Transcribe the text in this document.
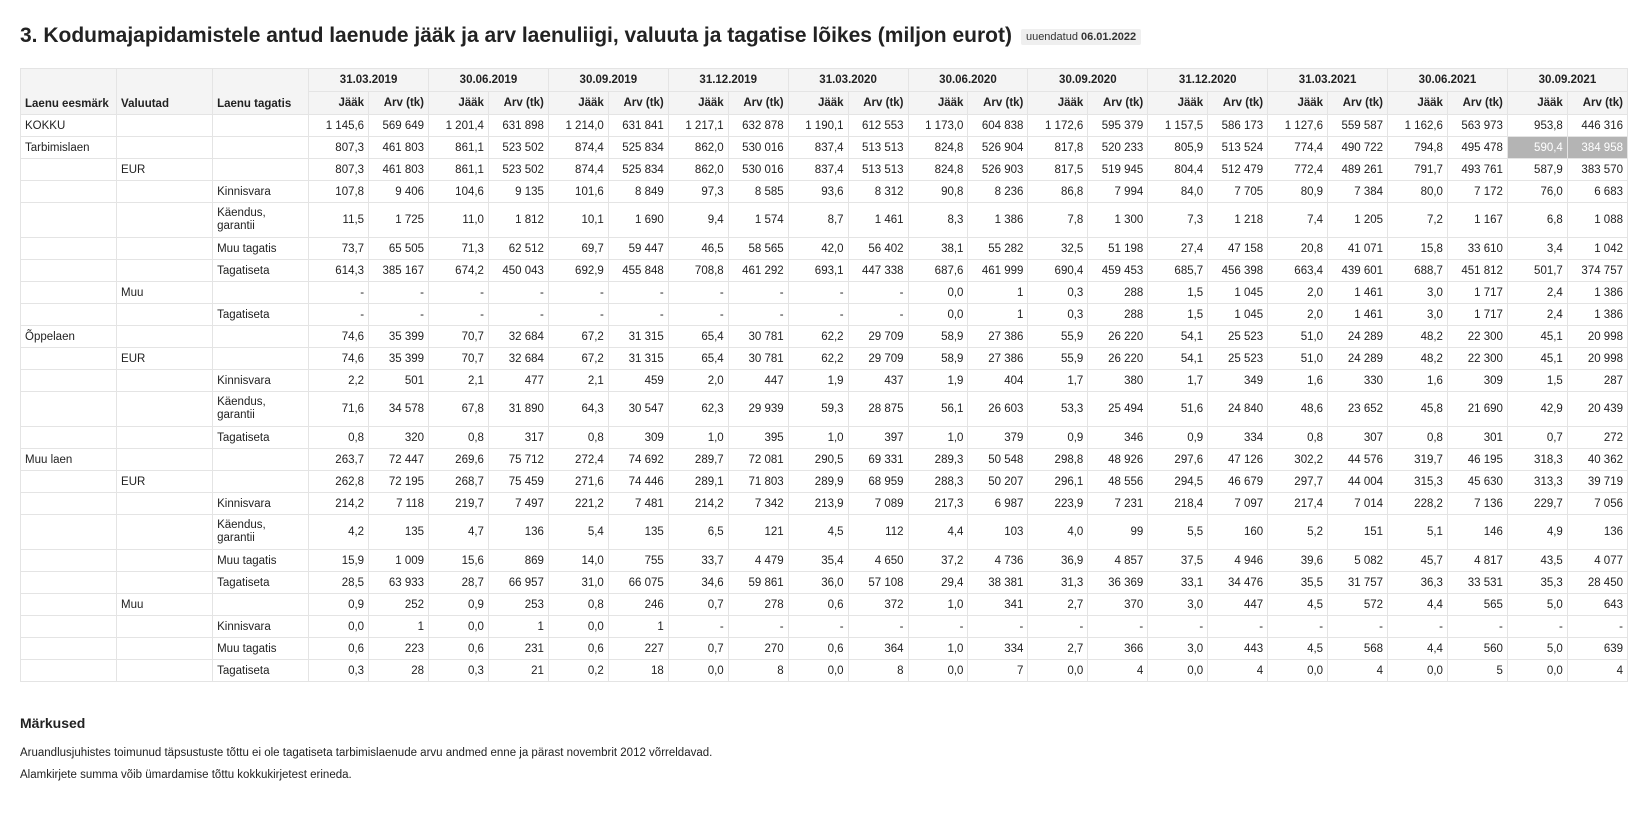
3. Kodumajapidamistele antud laenude jääk ja arv laenuliigi, valuuta ja tagatise lõikes (miljon eurot)	uuendatud 06.01.2022
Laenu eesmärk	Valuutad	Laenu tagatis	31.03.2019		30.06.2019		30.09.2019		31.12.2019		31.03.2020		30.06.2020		30.09.2020		31.12.2020		31.03.2021		30.06.2021		30.09.2021	
			Jääk	Arv (tk)	Jääk	Arv (tk)	Jääk	Arv (tk)	Jääk	Arv (tk)	Jääk	Arv (tk)	Jääk	Arv (tk)	Jääk	Arv (tk)	Jääk	Arv (tk)	Jääk	Arv (tk)	Jääk	Arv (tk)	Jääk	Arv (tk)
KOKKU			1 145,6	569 649	1 201,4	631 898	1 214,0	631 841	1 217,1	632 878	1 190,1	612 553	1 173,0	604 838	1 172,6	595 379	1 157,5	586 173	1 127,6	559 587	1 162,6	563 973	953,8	446 316
Tarbimislaen			807,3	461 803	861,1	523 502	874,4	525 834	862,0	530 016	837,4	513 513	824,8	526 904	817,8	520 233	805,9	513 524	774,4	490 722	794,8	495 478	590,4	384 958
	EUR		807,3	461 803	861,1	523 502	874,4	525 834	862,0	530 016	837,4	513 513	824,8	526 903	817,5	519 945	804,4	512 479	772,4	489 261	791,7	493 761	587,9	383 570
		Kinnisvara	107,8	9 406	104,6	9 135	101,6	8 849	97,3	8 585	93,6	8 312	90,8	8 236	86,8	7 994	84,0	7 705	80,9	7 384	80,0	7 172	76,0	6 683
		Käendus, garantii	11,5	1 725	11,0	1 812	10,1	1 690	9,4	1 574	8,7	1 461	8,3	1 386	7,8	1 300	7,3	1 218	7,4	1 205	7,2	1 167	6,8	1 088
		Muu tagatis	73,7	65 505	71,3	62 512	69,7	59 447	46,5	58 565	42,0	56 402	38,1	55 282	32,5	51 198	27,4	47 158	20,8	41 071	15,8	33 610	3,4	1 042
		Tagatiseta	614,3	385 167	674,2	450 043	692,9	455 848	708,8	461 292	693,1	447 338	687,6	461 999	690,4	459 453	685,7	456 398	663,4	439 601	688,7	451 812	501,7	374 757
	Muu		-	-	-	-	-	-	-	-	-	-	0,0	1	0,3	288	1,5	1 045	2,0	1 461	3,0	1 717	2,4	1 386
		Tagatiseta	-	-	-	-	-	-	-	-	-	-	0,0	1	0,3	288	1,5	1 045	2,0	1 461	3,0	1 717	2,4	1 386
Õppelaen			74,6	35 399	70,7	32 684	67,2	31 315	65,4	30 781	62,2	29 709	58,9	27 386	55,9	26 220	54,1	25 523	51,0	24 289	48,2	22 300	45,1	20 998
	EUR		74,6	35 399	70,7	32 684	67,2	31 315	65,4	30 781	62,2	29 709	58,9	27 386	55,9	26 220	54,1	25 523	51,0	24 289	48,2	22 300	45,1	20 998
		Kinnisvara	2,2	501	2,1	477	2,1	459	2,0	447	1,9	437	1,9	404	1,7	380	1,7	349	1,6	330	1,6	309	1,5	287
		Käendus, garantii	71,6	34 578	67,8	31 890	64,3	30 547	62,3	29 939	59,3	28 875	56,1	26 603	53,3	25 494	51,6	24 840	48,6	23 652	45,8	21 690	42,9	20 439
		Tagatiseta	0,8	320	0,8	317	0,8	309	1,0	395	1,0	397	1,0	379	0,9	346	0,9	334	0,8	307	0,8	301	0,7	272
Muu laen			263,7	72 447	269,6	75 712	272,4	74 692	289,7	72 081	290,5	69 331	289,3	50 548	298,8	48 926	297,6	47 126	302,2	44 576	319,7	46 195	318,3	40 362
	EUR		262,8	72 195	268,7	75 459	271,6	74 446	289,1	71 803	289,9	68 959	288,3	50 207	296,1	48 556	294,5	46 679	297,7	44 004	315,3	45 630	313,3	39 719
		Kinnisvara	214,2	7 118	219,7	7 497	221,2	7 481	214,2	7 342	213,9	7 089	217,3	6 987	223,9	7 231	218,4	7 097	217,4	7 014	228,2	7 136	229,7	7 056
		Käendus, garantii	4,2	135	4,7	136	5,4	135	6,5	121	4,5	112	4,4	103	4,0	99	5,5	160	5,2	151	5,1	146	4,9	136
		Muu tagatis	15,9	1 009	15,6	869	14,0	755	33,7	4 479	35,4	4 650	37,2	4 736	36,9	4 857	37,5	4 946	39,6	5 082	45,7	4 817	43,5	4 077
		Tagatiseta	28,5	63 933	28,7	66 957	31,0	66 075	34,6	59 861	36,0	57 108	29,4	38 381	31,3	36 369	33,1	34 476	35,5	31 757	36,3	33 531	35,3	28 450
	Muu		0,9	252	0,9	253	0,8	246	0,7	278	0,6	372	1,0	341	2,7	370	3,0	447	4,5	572	4,4	565	5,0	643
		Kinnisvara	0,0	1	0,0	1	0,0	1	-	-	-	-	-	-	-	-	-	-	-	-	-	-	-	-
		Muu tagatis	0,6	223	0,6	231	0,6	227	0,7	270	0,6	364	1,0	334	2,7	366	3,0	443	4,5	568	4,4	560	5,0	639
		Tagatiseta	0,3	28	0,3	21	0,2	18	0,0	8	0,0	8	0,0	7	0,0	4	0,0	4	0,0	4	0,0	5	0,0	4
Märkused

Aruandlusjuhistes toimunud täpsustuste tõttu ei ole tagatiseta tarbimislaenude arvu andmed enne ja pärast novembrit 2012 võrreldavad.

Alamkirjete summa võib ümardamise tõttu kokkukirjetest erineda.
